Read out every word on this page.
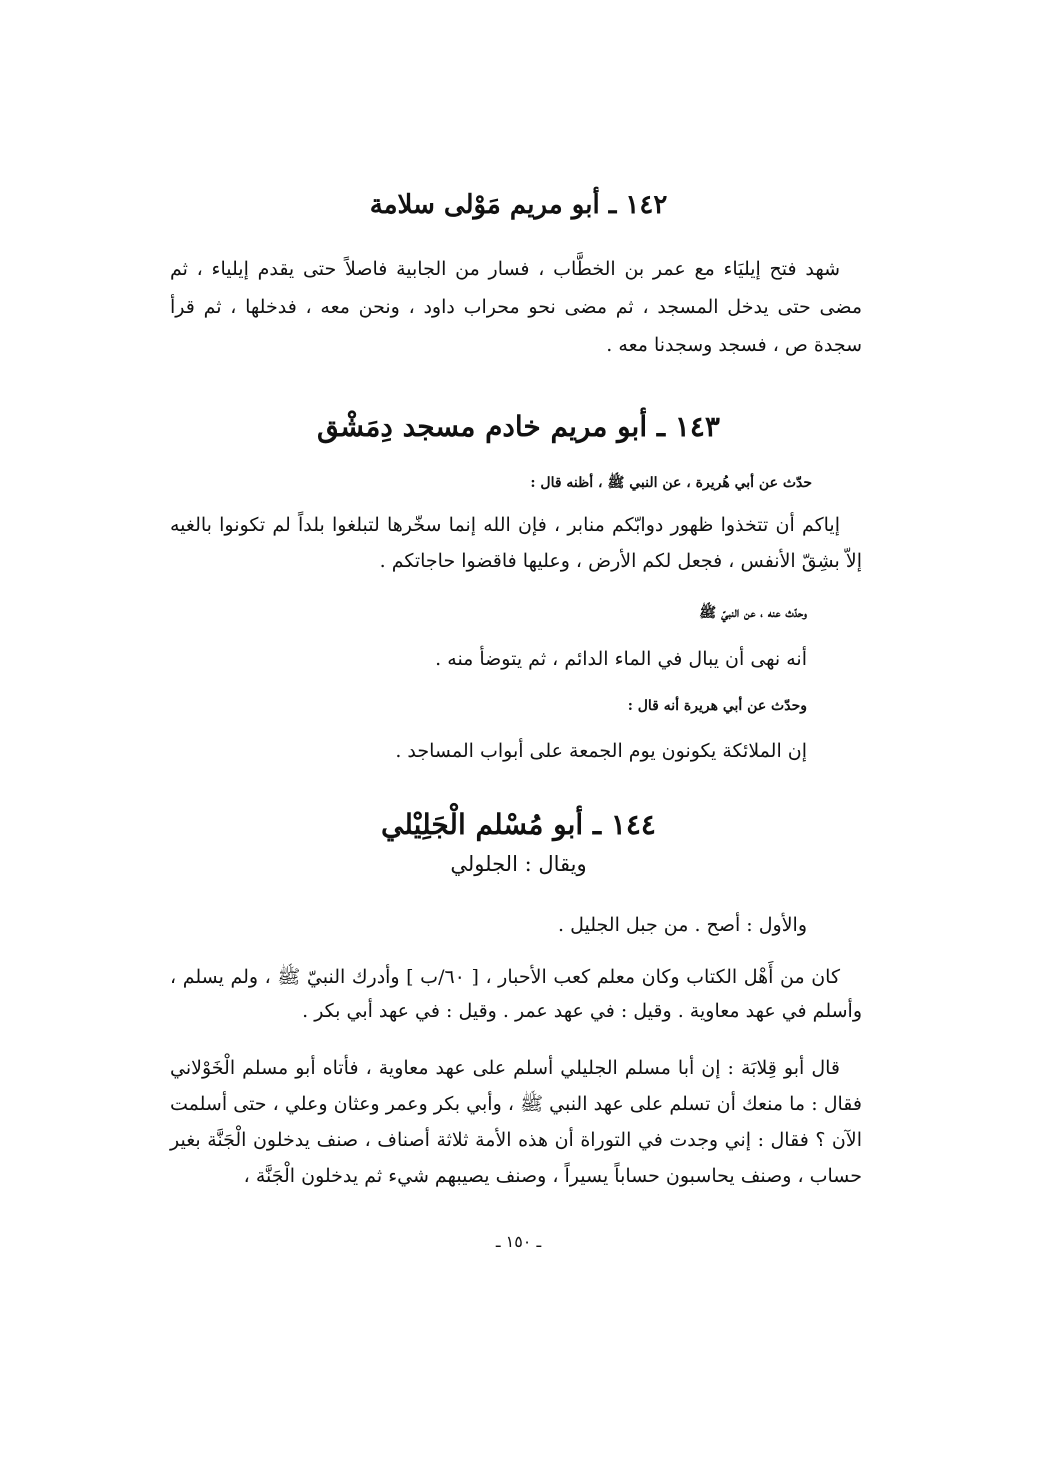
١٤٢ ـ أبو مريم مَوْلى سلامة

شهد فتح إيليَاء مع عمر بن الخطَّاب ، فسار من الجابية فاصلاً حتى يقدم إيلياء ، ثم مضى حتى يدخل المسجد ، ثم مضى نحو محراب داود ، ونحن معه ، فدخلها ، ثم قرأ سجدة ص ، فسجد وسجدنا معه .

١٤٣ ـ أبو مريم خادم مسجد دِمَشْق
حدّث عن أبي هُريرة ، عن النبي ﷺ ، أظنه قال :

إياكم أن تتخذوا ظهور دوابّكم منابر ، فإن الله إنما سخّرها لتبلغوا بلداً لم تكونوا بالغيه إلاّ بشِقّ الأنفس ، فجعل لكم الأرض ، وعليها فاقضوا حاجاتكم .

وحدّث عنه ، عن النبيّ ﷺ
أنه نهى أن يبال في الماء الدائم ، ثم يتوضأ منه .
وحدّث عن أبي هريرة أنه قال :
إن الملائكة يكونون يوم الجمعة على أبواب المساجد .
١٤٤ ـ أبو مُسْلم الْجَلِيْلي
ويقال : الجلولي
والأول : أصح . من جبل الجليل .

كان من أَهْل الكتاب وكان معلم كعب الأحبار ، [ ٦٠/ب ] وأدرك النبيّ ﷺ ، ولم يسلم ، وأسلم في عهد معاوية . وقيل : في عهد عمر . وقيل : في عهد أبي بكر .

قال أبو قِلابَة : إن أبا مسلم الجليلي أسلم على عهد معاوية ، فأتاه أبو مسلم الْخَوْلاني فقال : ما منعك أن تسلم على عهد النبي ﷺ ، وأبي بكر وعمر وعثان وعلي ، حتى أسلمت الآن ؟ فقال : إني وجدت في التوراة أن هذه الأمة ثلاثة أصناف ، صنف يدخلون الْجَنَّة بغير حساب ، وصنف يحاسبون حساباً يسيراً ، وصنف يصيبهم شيء ثم يدخلون الْجَنَّة ،

ـ ١٥٠ ـ
